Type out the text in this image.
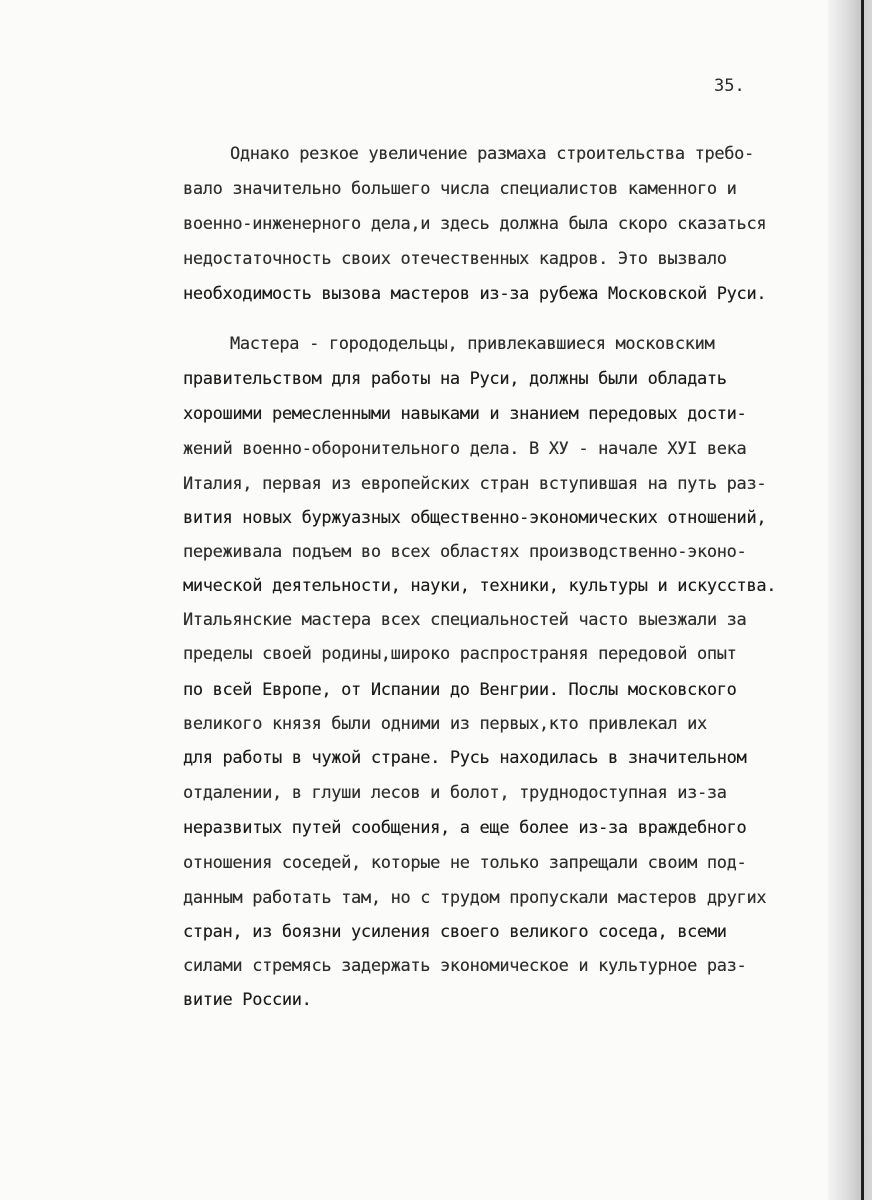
35.
Однако резкое увеличение размаха строительства требо-
вало значительно большего числа специалистов каменного и
военно-инженерного дела,и здесь должна была скоро сказаться
недостаточность своих отечественных кадров. Это вызвало
необходимость вызова мастеров из-за рубежа Московской Руси.
Мастера - горододельцы, привлекавшиеся московским
правительством для работы на Руси, должны были обладать
хорошими ремесленными навыками и знанием передовых дости-
жений военно-оборонительного дела. В ХУ - начале ХУI века
Италия, первая из европейских стран вступившая на путь раз-
вития новых буржуазных общественно-экономических отношений,
переживала подъем во всех областях производственно-эконо-
мической деятельности, науки, техники, культуры и искусства.
Итальянские мастера всех специальностей часто выезжали за
пределы своей родины,широко распространяя передовой опыт
по всей Европе, от Испании до Венгрии. Послы московского
великого князя были одними из первых,кто привлекал их
для работы в чужой стране. Русь находилась в значительном
отдалении, в глуши лесов и болот, труднодоступная из-за
неразвитых путей сообщения, а еще более из-за враждебного
отношения соседей, которые не только запрещали своим под-
данным работать там, но с трудом пропускали мастеров других
стран, из боязни усиления своего великого соседа, всеми
силами стремясь задержать экономическое и культурное раз-
витие России.
